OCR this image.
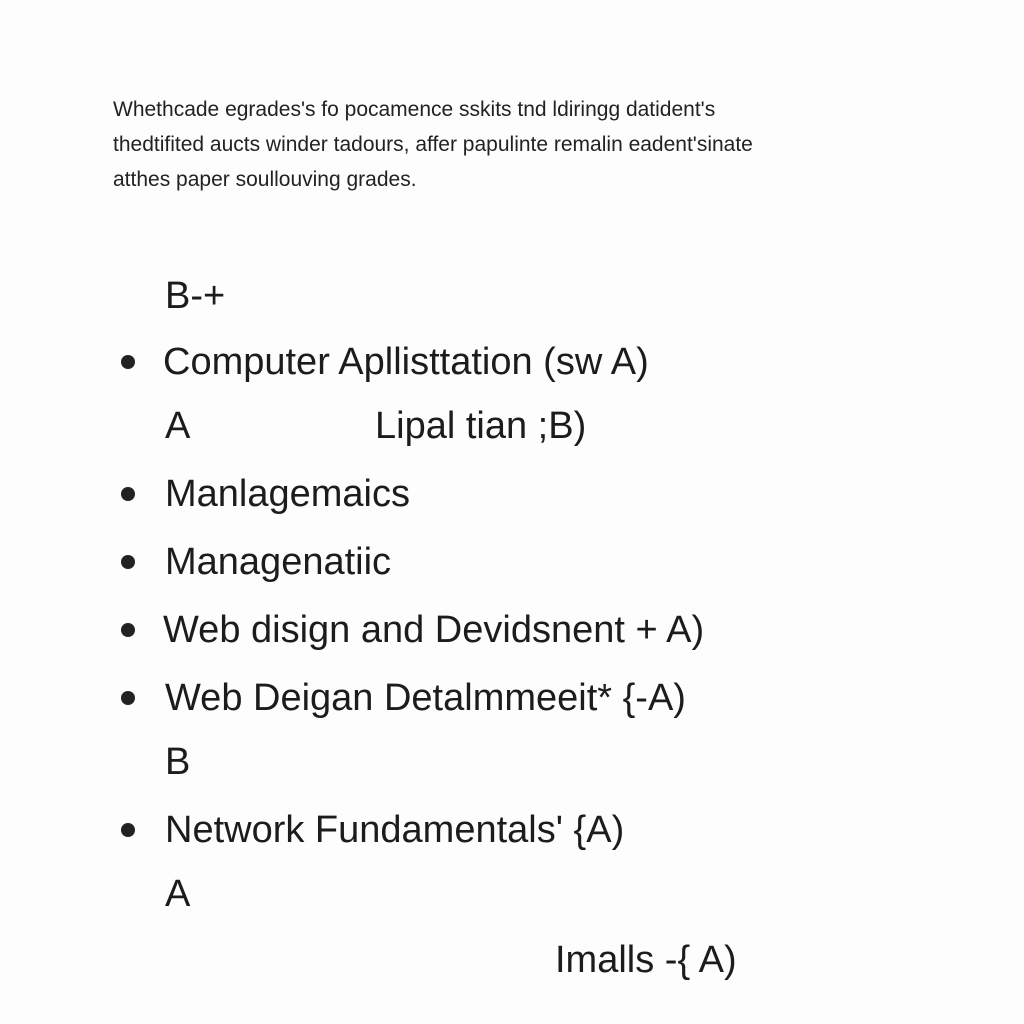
Whethcade egrades's fo pocamence sskits tnd ldiringg datident's
thedtifited aucts winder tadours, affer papulinte remalin eadent'sinate
atthes paper soullouving grades.
B-+
Computer Apllisttation (sw A)
A	Lipal tian ;B)
Manlagemaics
Managenatiic
Web disign and Devidsnent + A)
Web Deigan Detalmmeeit* {-A)
B
Network Fundamentals' {A)
A
Imalls -{ A)
